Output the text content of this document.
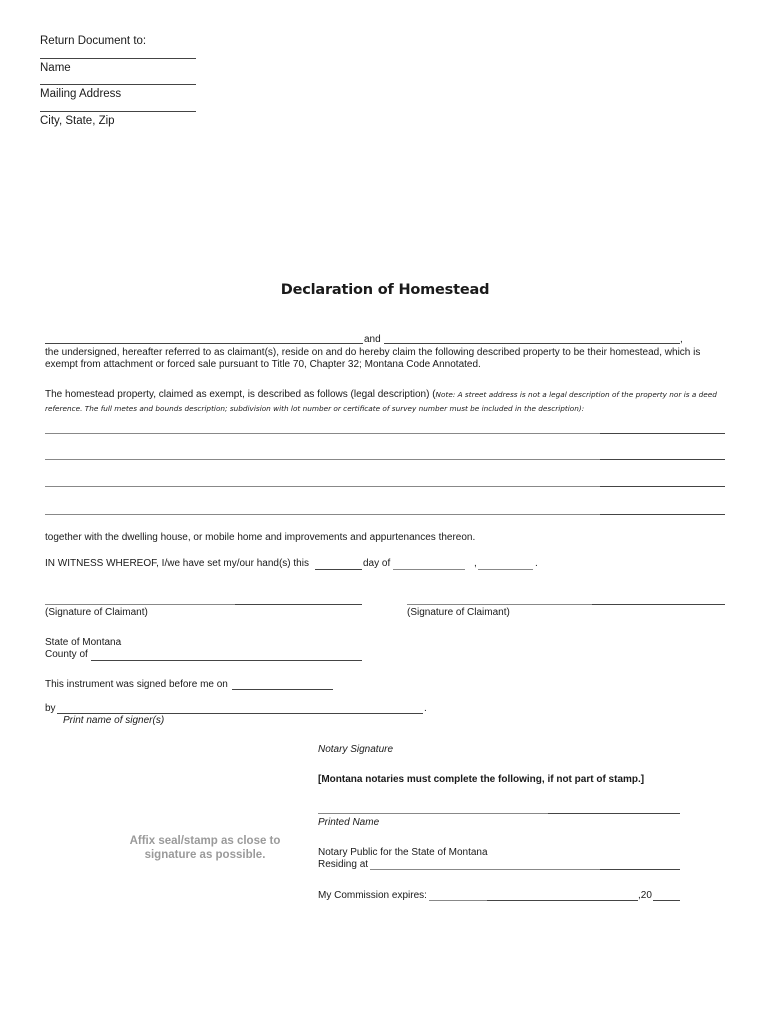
Return Document to:
Name
Mailing Address
City, State, Zip
Declaration of Homestead
and	,
the undersigned, hereafter referred to as claimant(s), reside on and do hereby claim the following described property to be their homestead, which is
exempt from attachment or forced sale pursuant to Title 70, Chapter 32; Montana Code Annotated.
The homestead property, claimed as exempt, is described as follows (legal description) (Note: A street address is not a legal description of the property nor is a deed
reference. The full metes and bounds description; subdivision with lot number or certificate of survey number must be included in the description):
together with the dwelling house, or mobile home and improvements and appurtenances thereon.
IN WITNESS WHEREOF, I/we have set my/our hand(s) this	day of	,	.
(Signature of Claimant)	(Signature of Claimant)
State of Montana
County of
This instrument was signed before me on
by	.
Print name of signer(s)
Notary Signature
[Montana notaries must complete the following, if not part of stamp.]
Printed Name
Notary Public for the State of Montana
Residing at
My Commission expires:	,20
Affix seal/stamp as close to
signature as possible.
